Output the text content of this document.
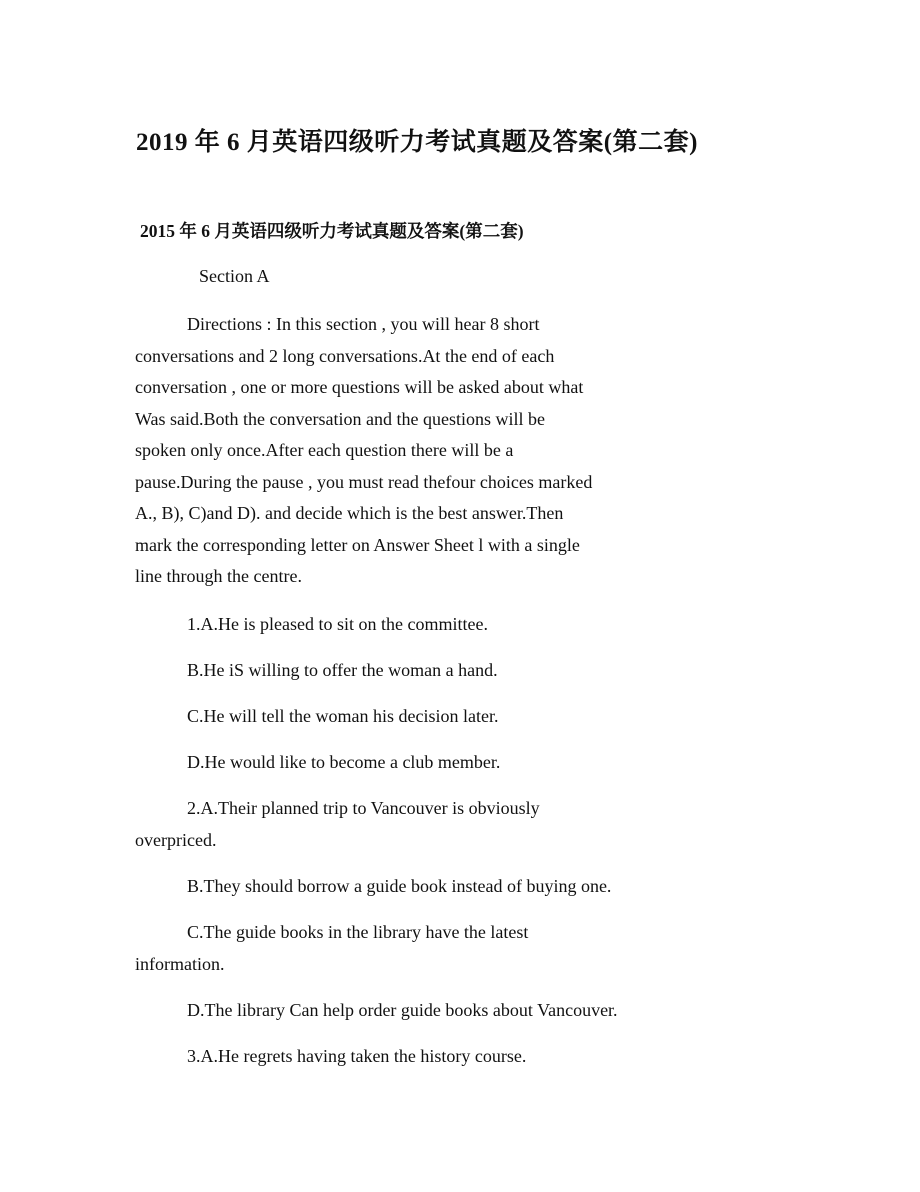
2019 年 6 月英语四级听力考试真题及答案(第二套)
2015 年 6 月英语四级听力考试真题及答案(第二套)
Section A
Directions : In this section , you will hear 8 short
conversations and 2 long conversations.At the end of each
conversation , one or more questions will be asked about what
Was said.Both the conversation and the questions will be
spoken only once.After each question there will be a
pause.During the pause , you must read thefour choices marked
A., B), C)and D). and decide which is the best answer.Then
mark the corresponding letter on Answer Sheet l with a single
line through the centre.
1.A.He is pleased to sit on the committee.
B.He iS willing to offer the woman a hand.
C.He will tell the woman his decision later.
D.He would like to become a club member.
2.A.Their planned trip to Vancouver is obviously
overpriced.
B.They should borrow a guide book instead of buying one.
C.The guide books in the library have the latest
information.
D.The library Can help order guide books about Vancouver.
3.A.He regrets having taken the history course.
